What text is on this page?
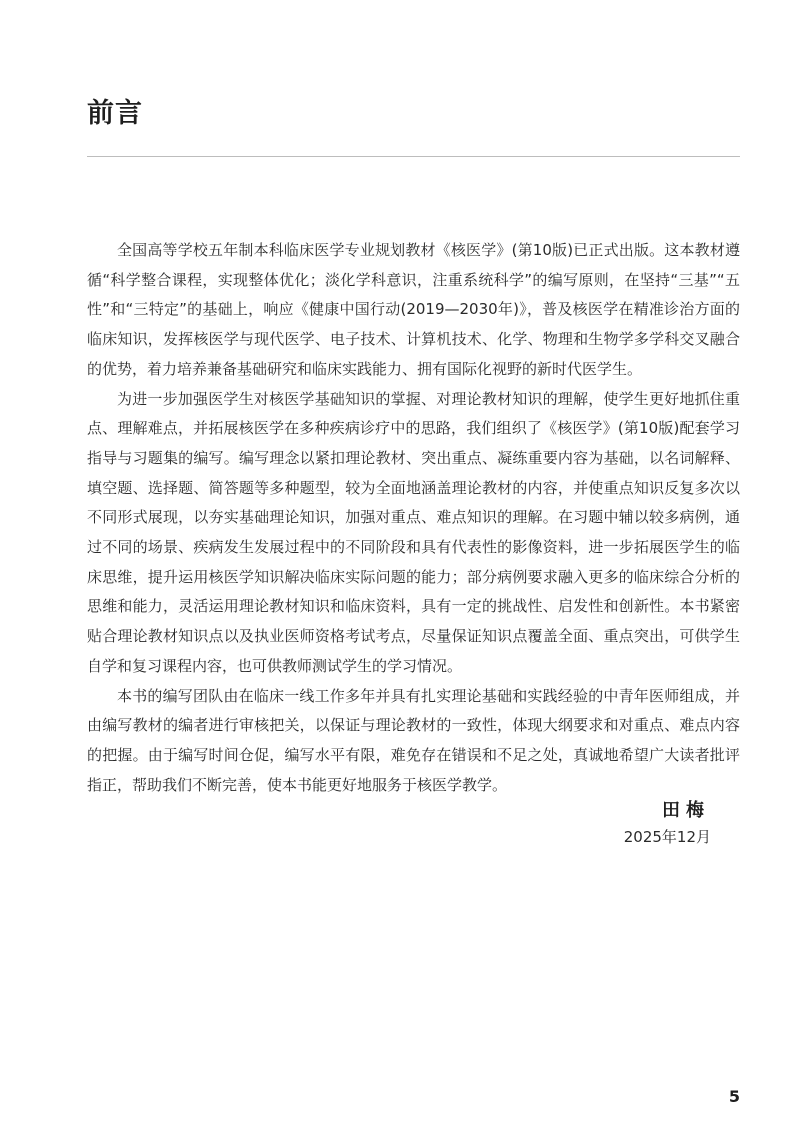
前言

全国高等学校五年制本科临床医学专业规划教材《核医学》(第10版)已正式出版。这本教材遵循“科学整合课程，实现整体优化；淡化学科意识，注重系统科学”的编写原则，在坚持“三基”“五性”和“三特定”的基础上，响应《健康中国行动(2019—2030年)》，普及核医学在精准诊治方面的临床知识，发挥核医学与现代医学、电子技术、计算机技术、化学、物理和生物学多学科交叉融合的优势，着力培养兼备基础研究和临床实践能力、拥有国际化视野的新时代医学生。

为进一步加强医学生对核医学基础知识的掌握、对理论教材知识的理解，使学生更好地抓住重点、理解难点，并拓展核医学在多种疾病诊疗中的思路，我们组织了《核医学》(第10版)配套学习指导与习题集的编写。编写理念以紧扣理论教材、突出重点、凝练重要内容为基础，以名词解释、填空题、选择题、简答题等多种题型，较为全面地涵盖理论教材的内容，并使重点知识反复多次以不同形式展现，以夯实基础理论知识，加强对重点、难点知识的理解。在习题中辅以较多病例，通过不同的场景、疾病发生发展过程中的不同阶段和具有代表性的影像资料，进一步拓展医学生的临床思维，提升运用核医学知识解决临床实际问题的能力；部分病例要求融入更多的临床综合分析的思维和能力，灵活运用理论教材知识和临床资料，具有一定的挑战性、启发性和创新性。本书紧密贴合理论教材知识点以及执业医师资格考试考点，尽量保证知识点覆盖全面、重点突出，可供学生自学和复习课程内容，也可供教师测试学生的学习情况。

本书的编写团队由在临床一线工作多年并具有扎实理论基础和实践经验的中青年医师组成，并由编写教材的编者进行审核把关，以保证与理论教材的一致性，体现大纲要求和对重点、难点内容的把握。由于编写时间仓促，编写水平有限，难免存在错误和不足之处，真诚地希望广大读者批评指正，帮助我们不断完善，使本书能更好地服务于核医学教学。

田梅

2025年12月

5
